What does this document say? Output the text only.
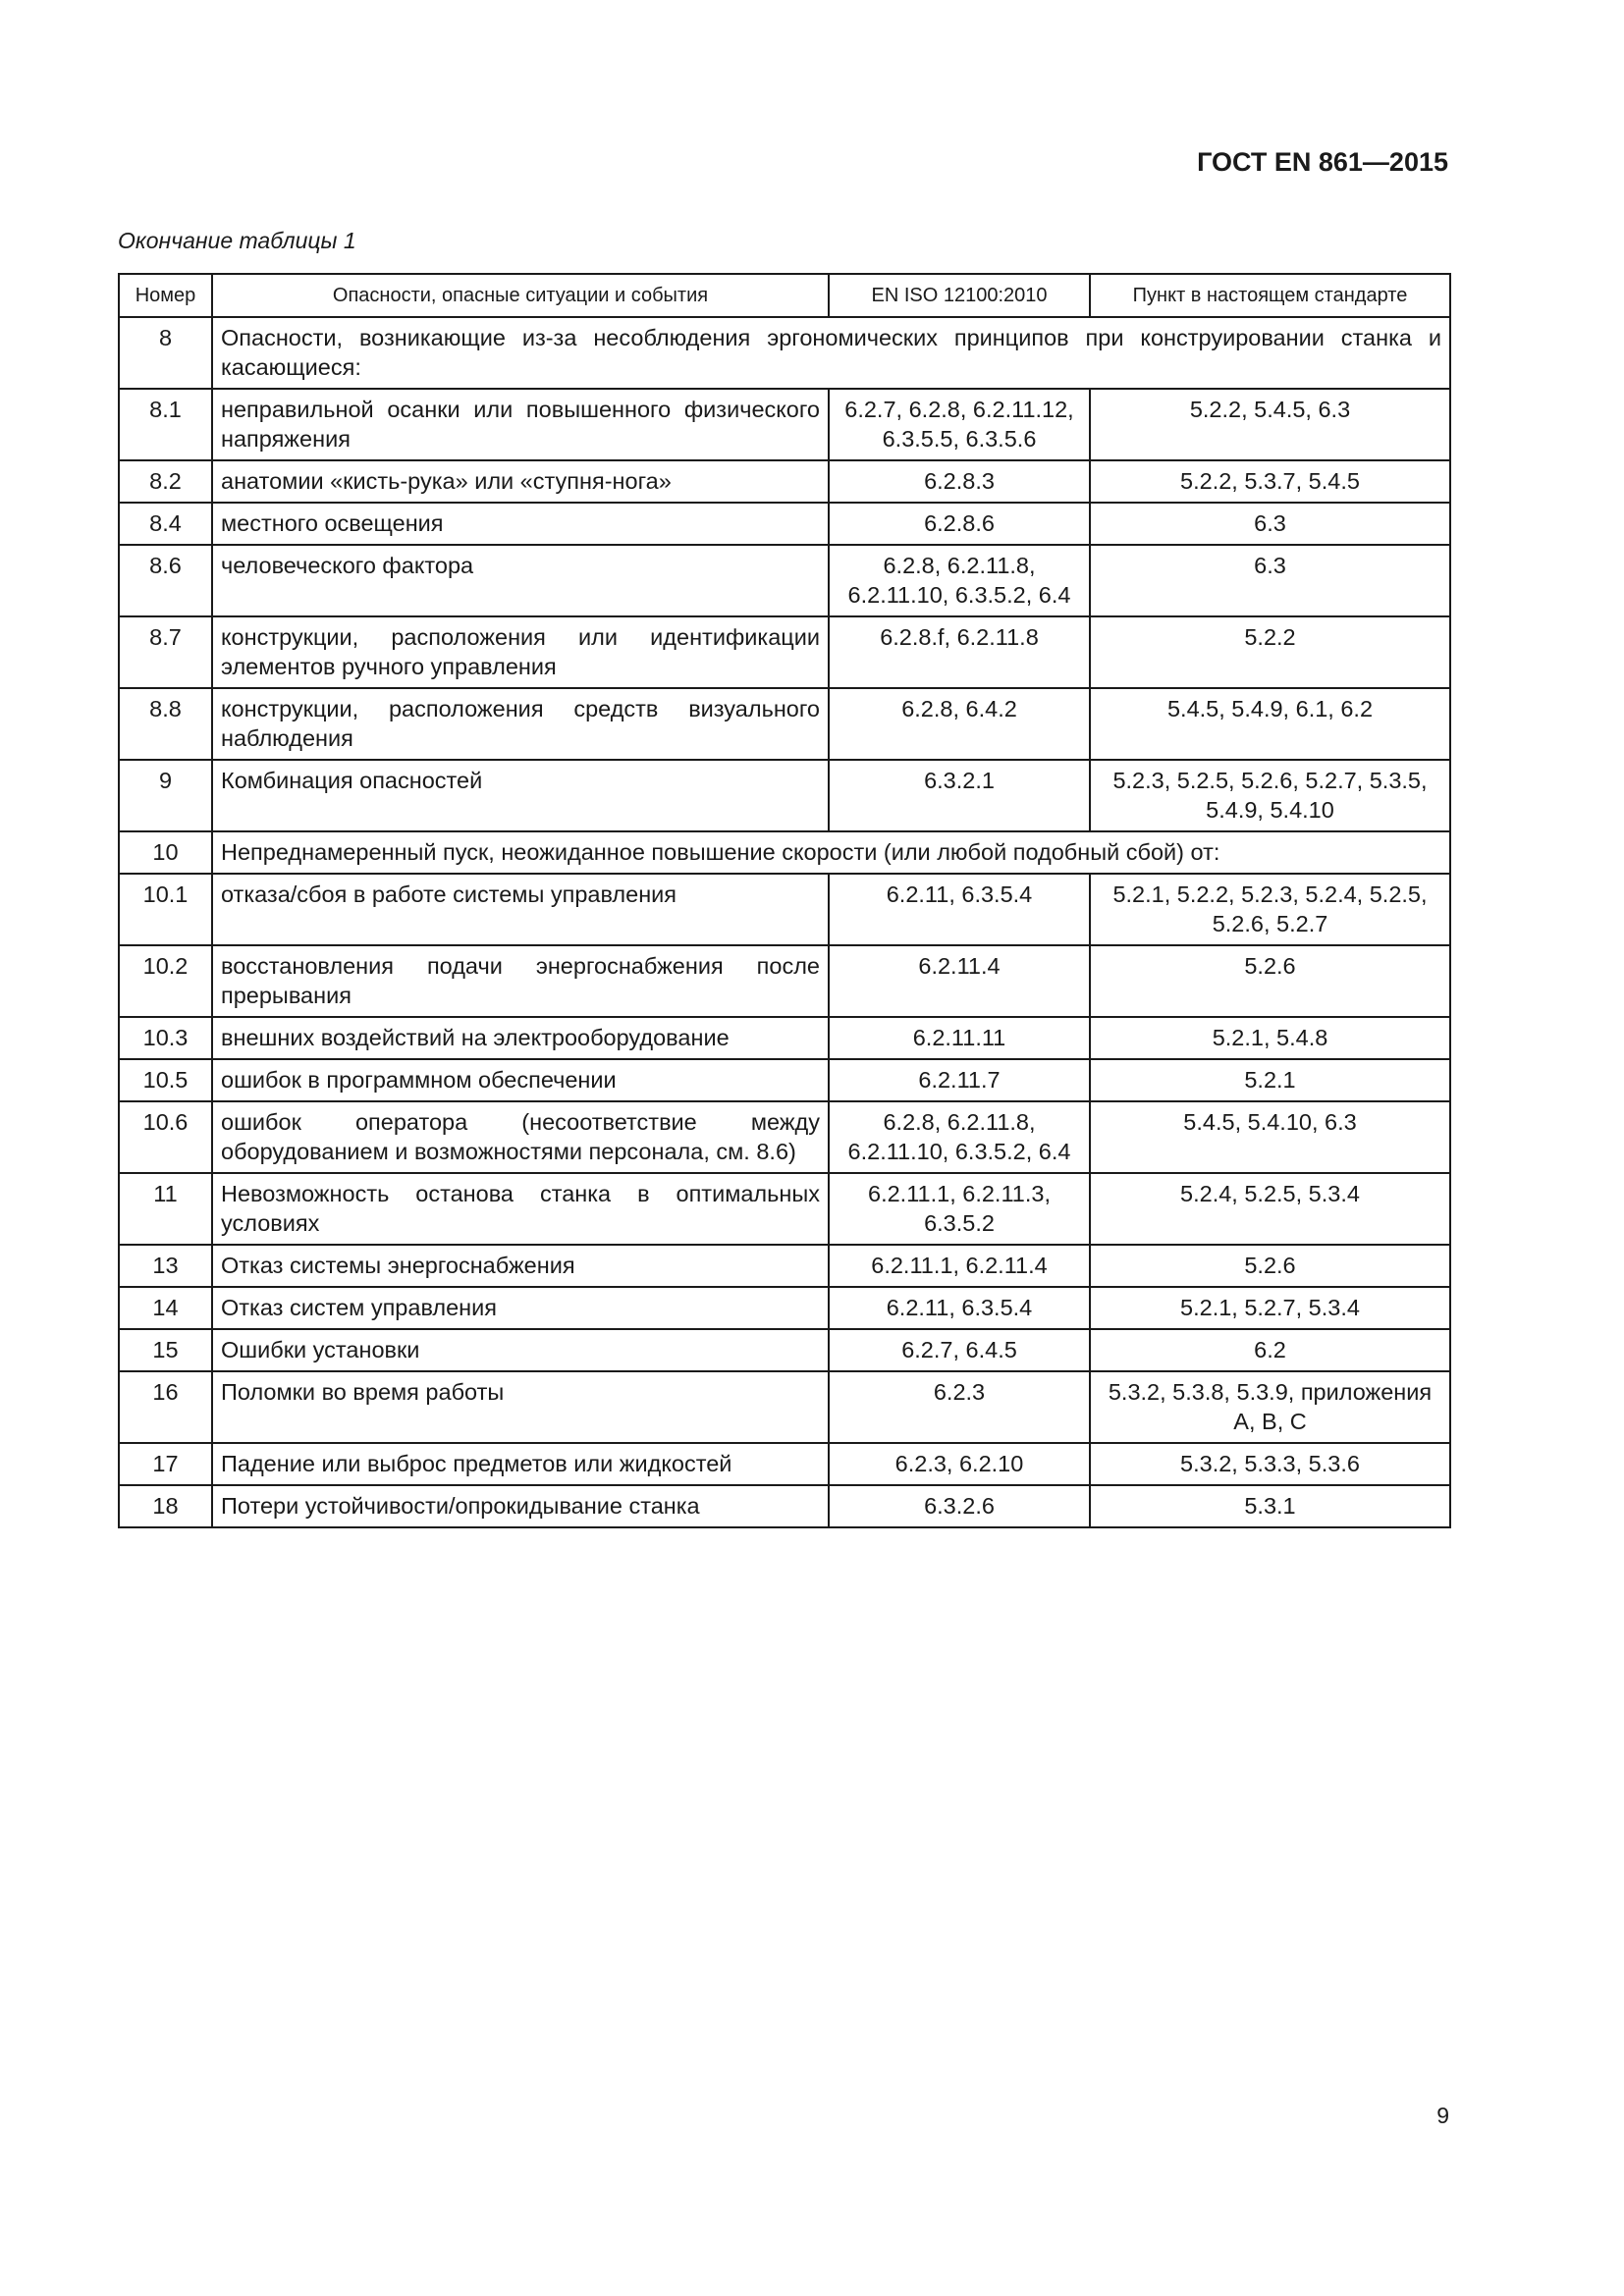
ГОСТ EN 861—2015
Окончание таблицы 1
Номер	Опасности, опасные ситуации и события	EN ISO 12100:2010	Пункт в настоящем стандарте
8	Опасности, возникающие из-за несоблюдения эргономических принципов при конструировании станка и касающиеся:		
8.1	неправильной осанки или повышенного физического напряжения	6.2.7, 6.2.8, 6.2.11.12, 6.3.5.5, 6.3.5.6	5.2.2, 5.4.5, 6.3
8.2	анатомии «кисть-рука» или «ступня-нога»	6.2.8.3	5.2.2, 5.3.7, 5.4.5
8.4	местного освещения	6.2.8.6	6.3
8.6	человеческого фактора	6.2.8, 6.2.11.8, 6.2.11.10, 6.3.5.2, 6.4	6.3
8.7	конструкции, расположения или идентификации элементов ручного управления	6.2.8.f, 6.2.11.8	5.2.2
8.8	конструкции, расположения средств визуального наблюдения	6.2.8, 6.4.2	5.4.5, 5.4.9, 6.1, 6.2
9	Комбинация опасностей	6.3.2.1	5.2.3, 5.2.5, 5.2.6, 5.2.7, 5.3.5, 5.4.9, 5.4.10
10	Непреднамеренный пуск, неожиданное повышение скорости (или любой подобный сбой) от:		
10.1	отказа/сбоя в работе системы управления	6.2.11, 6.3.5.4	5.2.1, 5.2.2, 5.2.3, 5.2.4, 5.2.5, 5.2.6, 5.2.7
10.2	восстановления подачи энергоснабжения после прерывания	6.2.11.4	5.2.6
10.3	внешних воздействий на электрооборудование	6.2.11.11	5.2.1, 5.4.8
10.5	ошибок в программном обеспечении	6.2.11.7	5.2.1
10.6	ошибок оператора (несоответствие между оборудованием и возможностями персонала, см. 8.6)	6.2.8, 6.2.11.8, 6.2.11.10, 6.3.5.2, 6.4	5.4.5, 5.4.10, 6.3
11	Невозможность останова станка в оптимальных условиях	6.2.11.1, 6.2.11.3, 6.3.5.2	5.2.4, 5.2.5, 5.3.4
13	Отказ системы энергоснабжения	6.2.11.1, 6.2.11.4	5.2.6
14	Отказ систем управления	6.2.11, 6.3.5.4	5.2.1, 5.2.7, 5.3.4
15	Ошибки установки	6.2.7, 6.4.5	6.2
16	Поломки во время работы	6.2.3	5.3.2, 5.3.8, 5.3.9, приложения A, B, C
17	Падение или выброс предметов или жидкостей	6.2.3, 6.2.10	5.3.2, 5.3.3, 5.3.6
18	Потери устойчивости/опрокидывание станка	6.3.2.6	5.3.1
9
